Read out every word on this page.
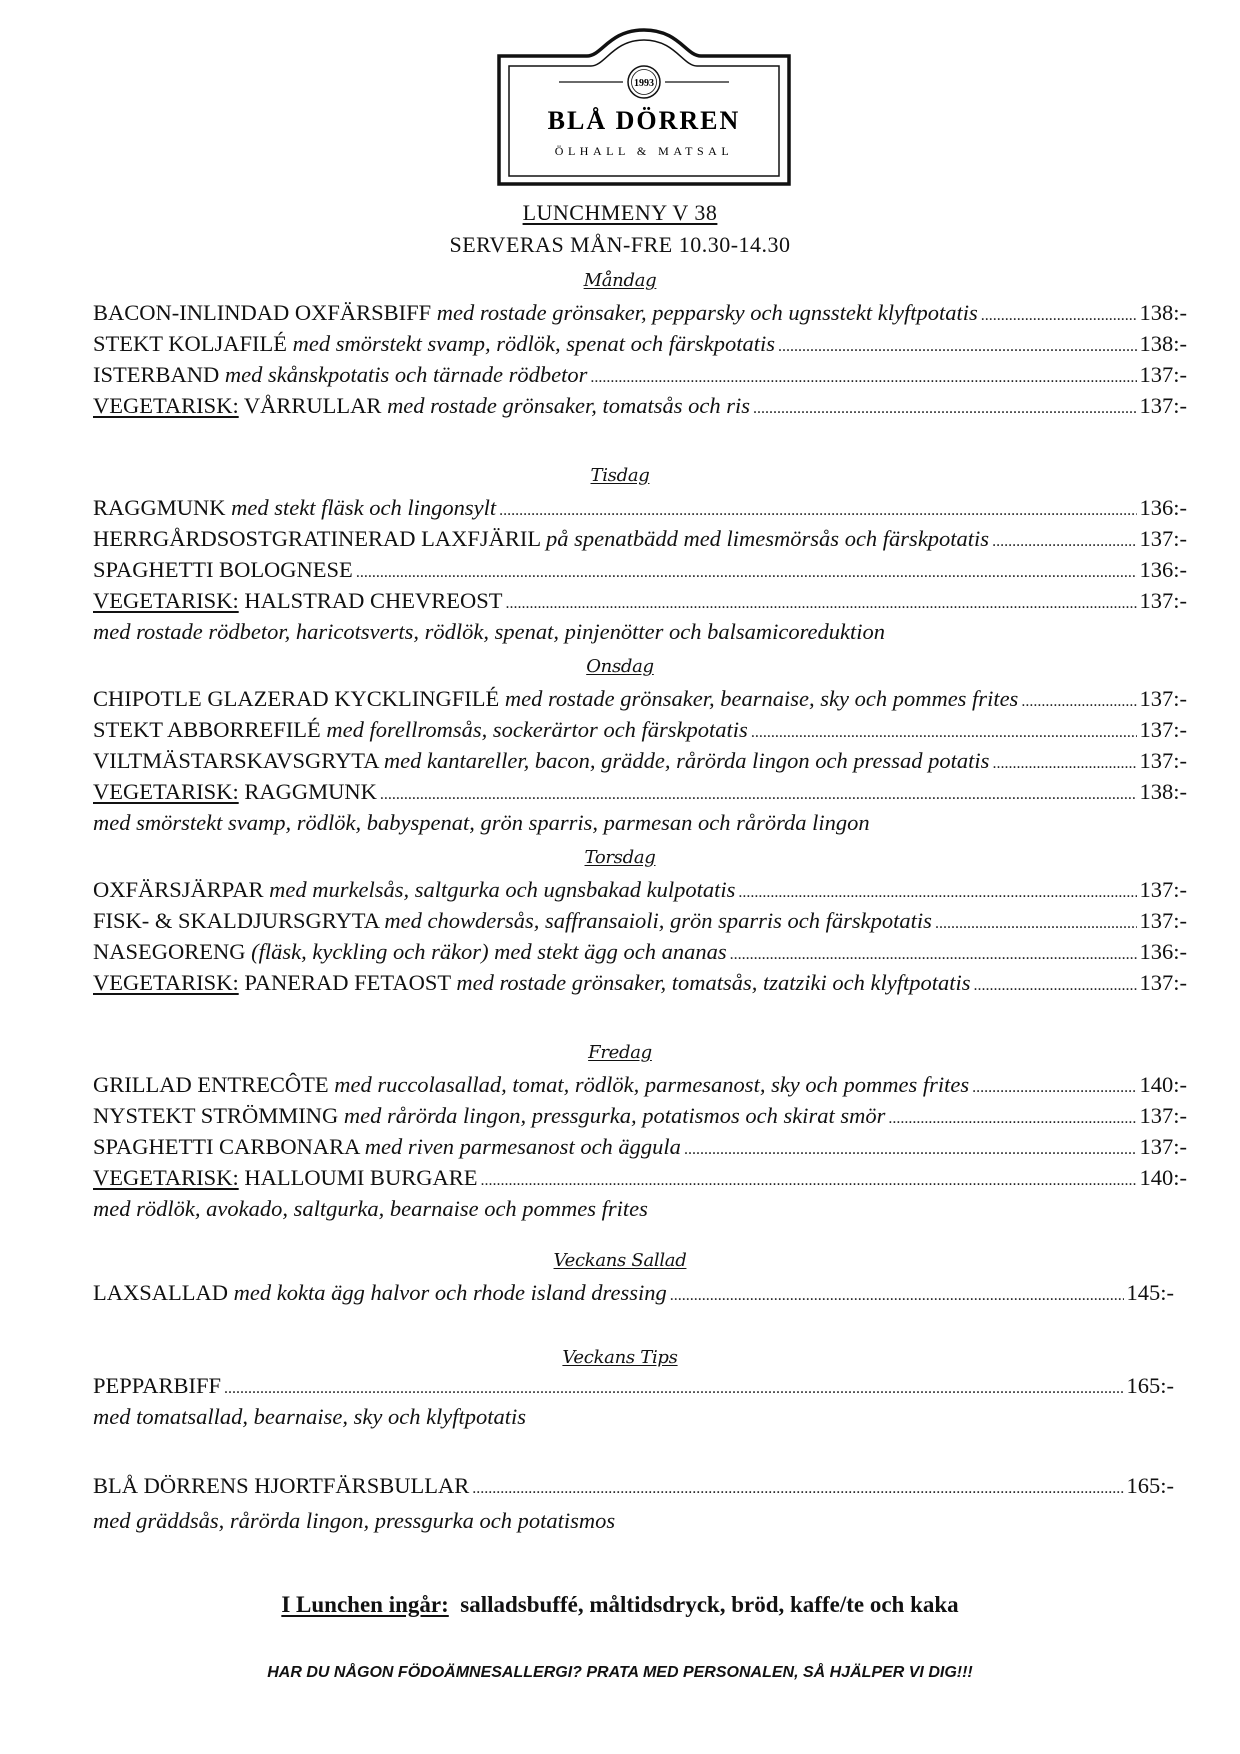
1993
BLÅ DÖRREN
ÖLHALL & MATSAL
LUNCHMENY V 38
SERVERAS MÅN-FRE 10.30-14.30
Måndag
BACON-INLINDAD OXFÄRSBIFF med rostade grönsaker, pepparsky och ugnsstekt klyftpotatis .....	138:-
STEKT KOLJAFILÉ med smörstekt svamp, rödlök, spenat och färskpotatis .....	138:-
ISTERBAND med skånskpotatis och tärnade rödbetor .....	137:-
VEGETARISK: VÅRRULLAR med rostade grönsaker, tomatsås och ris .....	137:-
Tisdag
RAGGMUNK med stekt fläsk och lingonsylt .....	136:-
HERRGÅRDSOSTGRATINERAD LAXFJÄRIL på spenatbädd med limesmörsås och färskpotatis .....	137:-
SPAGHETTI BOLOGNESE .....	136:-
VEGETARISK: HALSTRAD CHEVREOST .....	137:-
med rostade rödbetor, haricotsverts, rödlök, spenat, pinjenötter och balsamicoreduktion
Onsdag
CHIPOTLE GLAZERAD KYCKLINGFILÉ med rostade grönsaker, bearnaise, sky och pommes frites .....	137:-
STEKT ABBORREFILÉ med forellromsås, sockerärtor och färskpotatis .....	137:-
VILTMÄSTARSKAVSGRYTA med kantareller, bacon, grädde, rårörda lingon och pressad potatis .....	137:-
VEGETARISK: RAGGMUNK .....	138:-
med smörstekt svamp, rödlök, babyspenat, grön sparris, parmesan och rårörda lingon
Torsdag
OXFÄRSJÄRPAR med murkelsås, saltgurka och ugnsbakad kulpotatis .....	137:-
FISK- & SKALDJURSGRYTA med chowdersås, saffransaioli, grön sparris och färskpotatis .....	137:-
NASEGORENG (fläsk, kyckling och räkor) med stekt ägg och ananas .....	136:-
VEGETARISK: PANERAD FETAOST med rostade grönsaker, tomatsås, tzatziki och klyftpotatis .....	137:-
Fredag
GRILLAD ENTRECÔTE med ruccolasallad, tomat, rödlök, parmesanost, sky och pommes frites .....	140:-
NYSTEKT STRÖMMING med rårörda lingon, pressgurka, potatismos och skirat smör .....	137:-
SPAGHETTI CARBONARA med riven parmesanost och äggula .....	137:-
VEGETARISK: HALLOUMI BURGARE .....	140:-
med rödlök, avokado, saltgurka, bearnaise och pommes frites
Veckans Sallad
LAXSALLAD med kokta ägg halvor och rhode island dressing .....	145:-
Veckans Tips
PEPPARBIFF .....	165:-
med tomatsallad, bearnaise, sky och klyftpotatis
BLÅ DÖRRENS HJORTFÄRSBULLAR .....	165:-
med gräddsås, rårörda lingon, pressgurka och potatismos
I Lunchen ingår:  salladsbuffé, måltidsdryck, bröd, kaffe/te och kaka
HAR DU NÅGON FÖDOÄMNESALLERGI? PRATA MED PERSONALEN, SÅ HJÄLPER VI DIG!!!
